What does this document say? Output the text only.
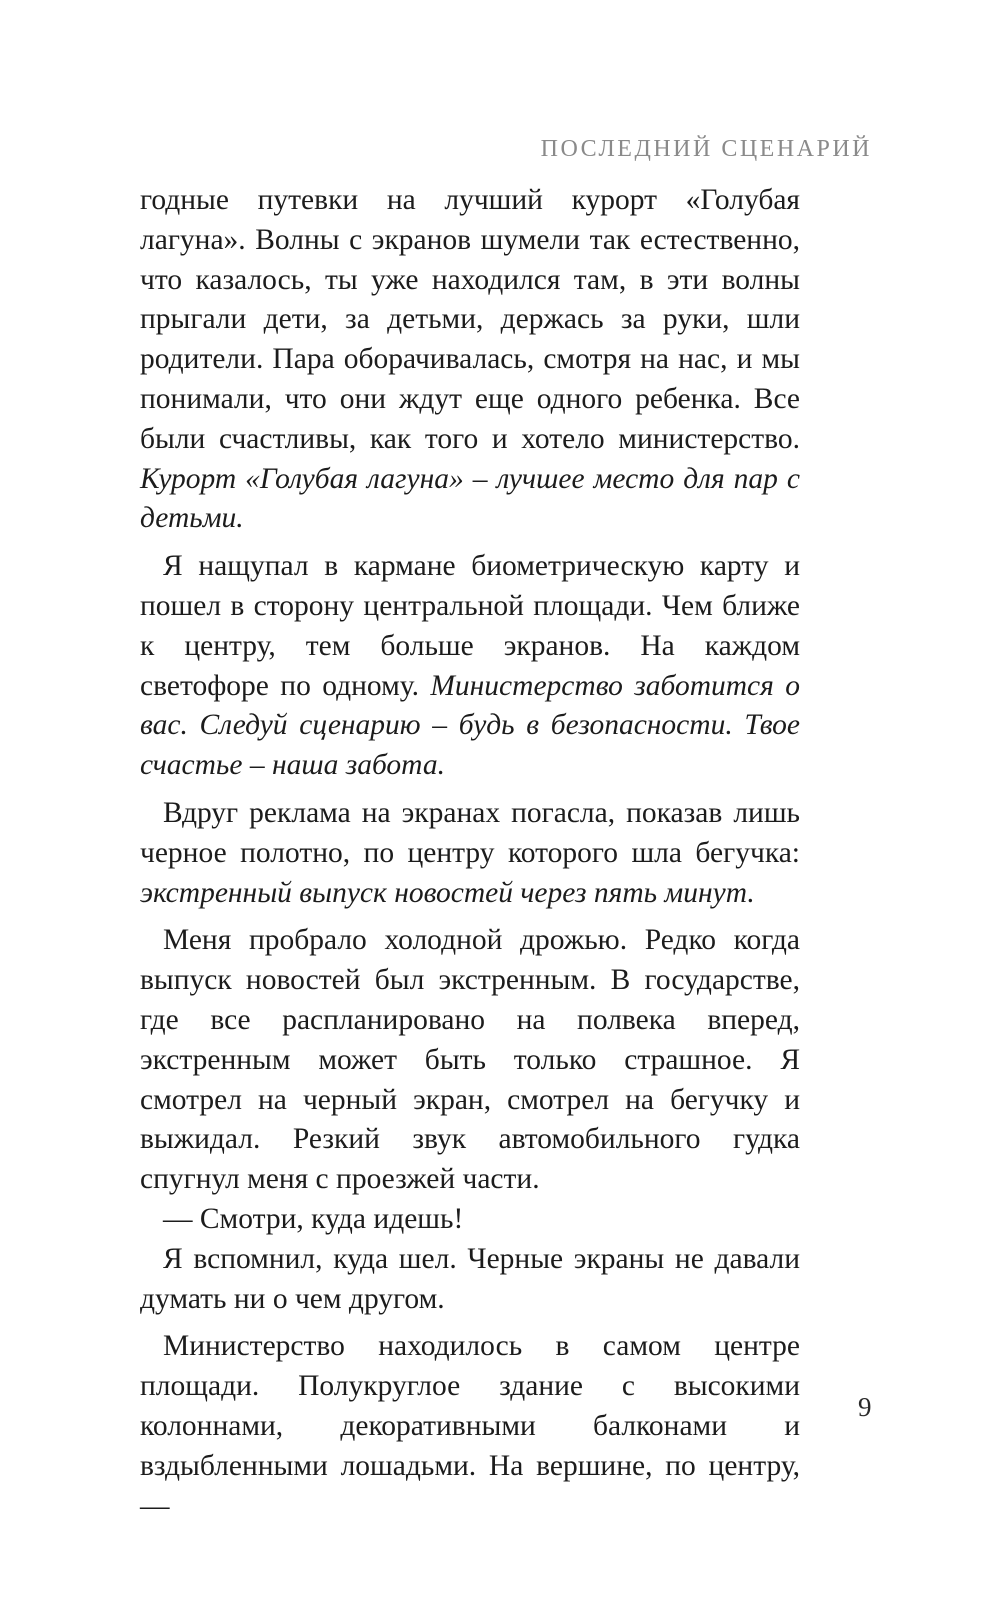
ПОСЛЕДНИЙ СЦЕНАРИЙ

годные путевки на лучший курорт «Голубая лагуна». Волны с экранов шумели так естественно, что казалось, ты уже находился там, в эти волны прыгали дети, за детьми, держась за руки, шли родители. Пара оборачивалась, смотря на нас, и мы понимали, что они ждут еще одного ребенка. Все были счастливы, как того и хотело министерство. Курорт «Голубая лагуна» – лучшее место для пар с детьми.

Я нащупал в кармане биометрическую карту и пошел в сторону центральной площади. Чем ближе к центру, тем больше экранов. На каждом светофоре по одному. Министерство заботится о вас. Следуй сценарию – будь в безопасности. Твое счастье – наша забота.

Вдруг реклама на экранах погасла, показав лишь черное полотно, по центру которого шла бегучка: экстренный выпуск новостей через пять минут.

Меня пробрало холодной дрожью. Редко когда выпуск новостей был экстренным. В государстве, где все распланировано на полвека вперед, экстренным может быть только страшное. Я смотрел на черный экран, смотрел на бегучку и выжидал. Резкий звук автомобильного гудка спугнул меня с проезжей части.

— Смотри, куда идешь!

Я вспомнил, куда шел. Черные экраны не давали думать ни о чем другом.

Министерство находилось в самом центре площади. Полукруглое здание с высокими колоннами, декоративными балконами и вздыбленными лошадьми. На вершине, по центру, —

9
